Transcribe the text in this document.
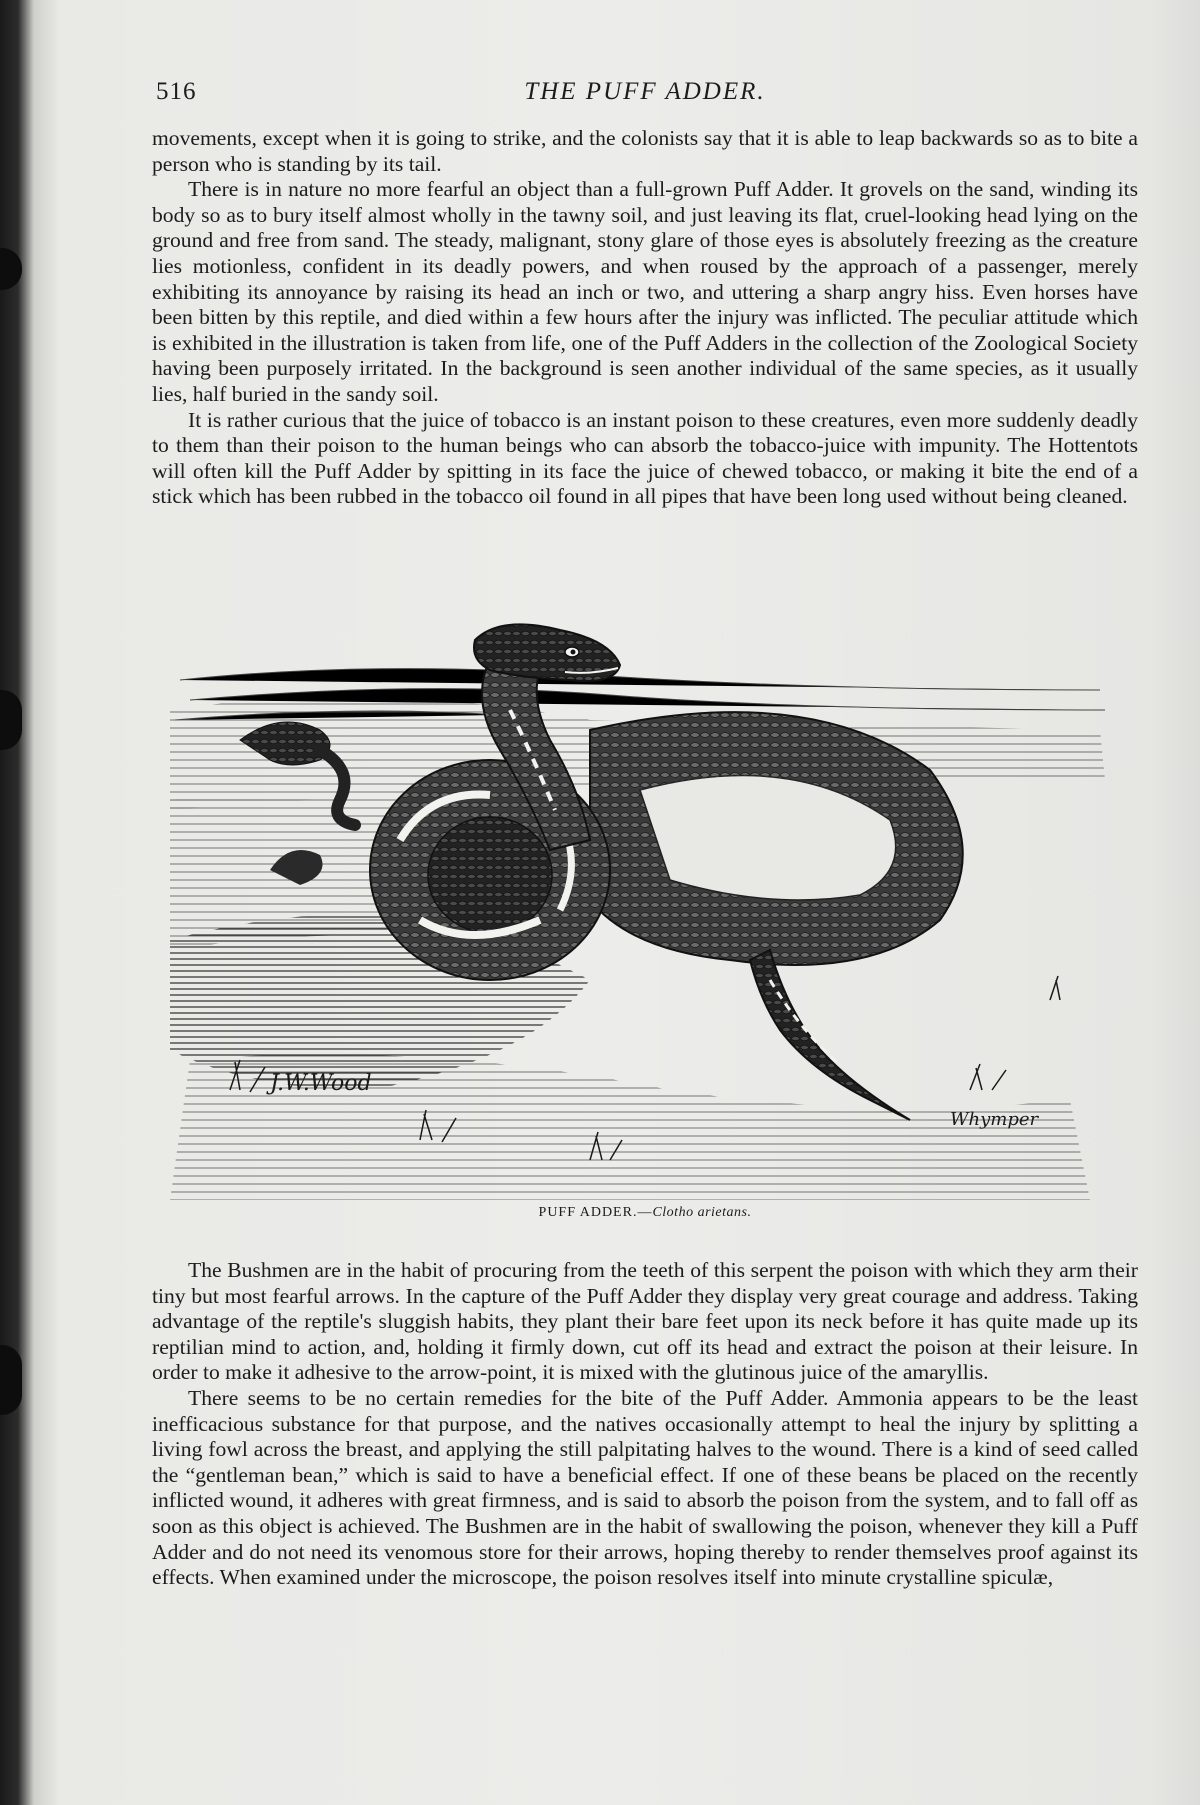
516	THE PUFF ADDER.

movements, except when it is going to strike, and the colonists say that it is able to leap backwards so as to bite a person who is standing by its tail.

There is in nature no more fearful an object than a full-grown Puff Adder. It grovels on the sand, winding its body so as to bury itself almost wholly in the tawny soil, and just leaving its flat, cruel-looking head lying on the ground and free from sand. The steady, malignant, stony glare of those eyes is absolutely freezing as the creature lies motionless, confident in its deadly powers, and when roused by the approach of a passenger, merely exhibiting its annoyance by raising its head an inch or two, and uttering a sharp angry hiss. Even horses have been bitten by this reptile, and died within a few hours after the injury was inflicted. The peculiar attitude which is exhibited in the illustration is taken from life, one of the Puff Adders in the collection of the Zoological Society having been purposely irritated. In the background is seen another individual of the same species, as it usually lies, half buried in the sandy soil.

It is rather curious that the juice of tobacco is an instant poison to these creatures, even more suddenly deadly to them than their poison to the human beings who can absorb the tobacco-juice with impunity. The Hottentots will often kill the Puff Adder by spitting in its face the juice of chewed tobacco, or making it bite the end of a stick which has been rubbed in the tobacco oil found in all pipes that have been long used without being cleaned.

J.W.Wood
Whymper
PUFF ADDER.—Clotho arietans.

The Bushmen are in the habit of procuring from the teeth of this serpent the poison with which they arm their tiny but most fearful arrows. In the capture of the Puff Adder they display very great courage and address. Taking advantage of the reptile's sluggish habits, they plant their bare feet upon its neck before it has quite made up its reptilian mind to action, and, holding it firmly down, cut off its head and extract the poison at their leisure. In order to make it adhesive to the arrow-point, it is mixed with the glutinous juice of the amaryllis.

There seems to be no certain remedies for the bite of the Puff Adder. Ammonia appears to be the least inefficacious substance for that purpose, and the natives occasionally attempt to heal the injury by splitting a living fowl across the breast, and applying the still palpitating halves to the wound. There is a kind of seed called the “gentleman bean,” which is said to have a beneficial effect. If one of these beans be placed on the recently inflicted wound, it adheres with great firmness, and is said to absorb the poison from the system, and to fall off as soon as this object is achieved. The Bushmen are in the habit of swallowing the poison, whenever they kill a Puff Adder and do not need its venomous store for their arrows, hoping thereby to render themselves proof against its effects. When examined under the microscope, the poison resolves itself into minute crystalline spiculæ,
